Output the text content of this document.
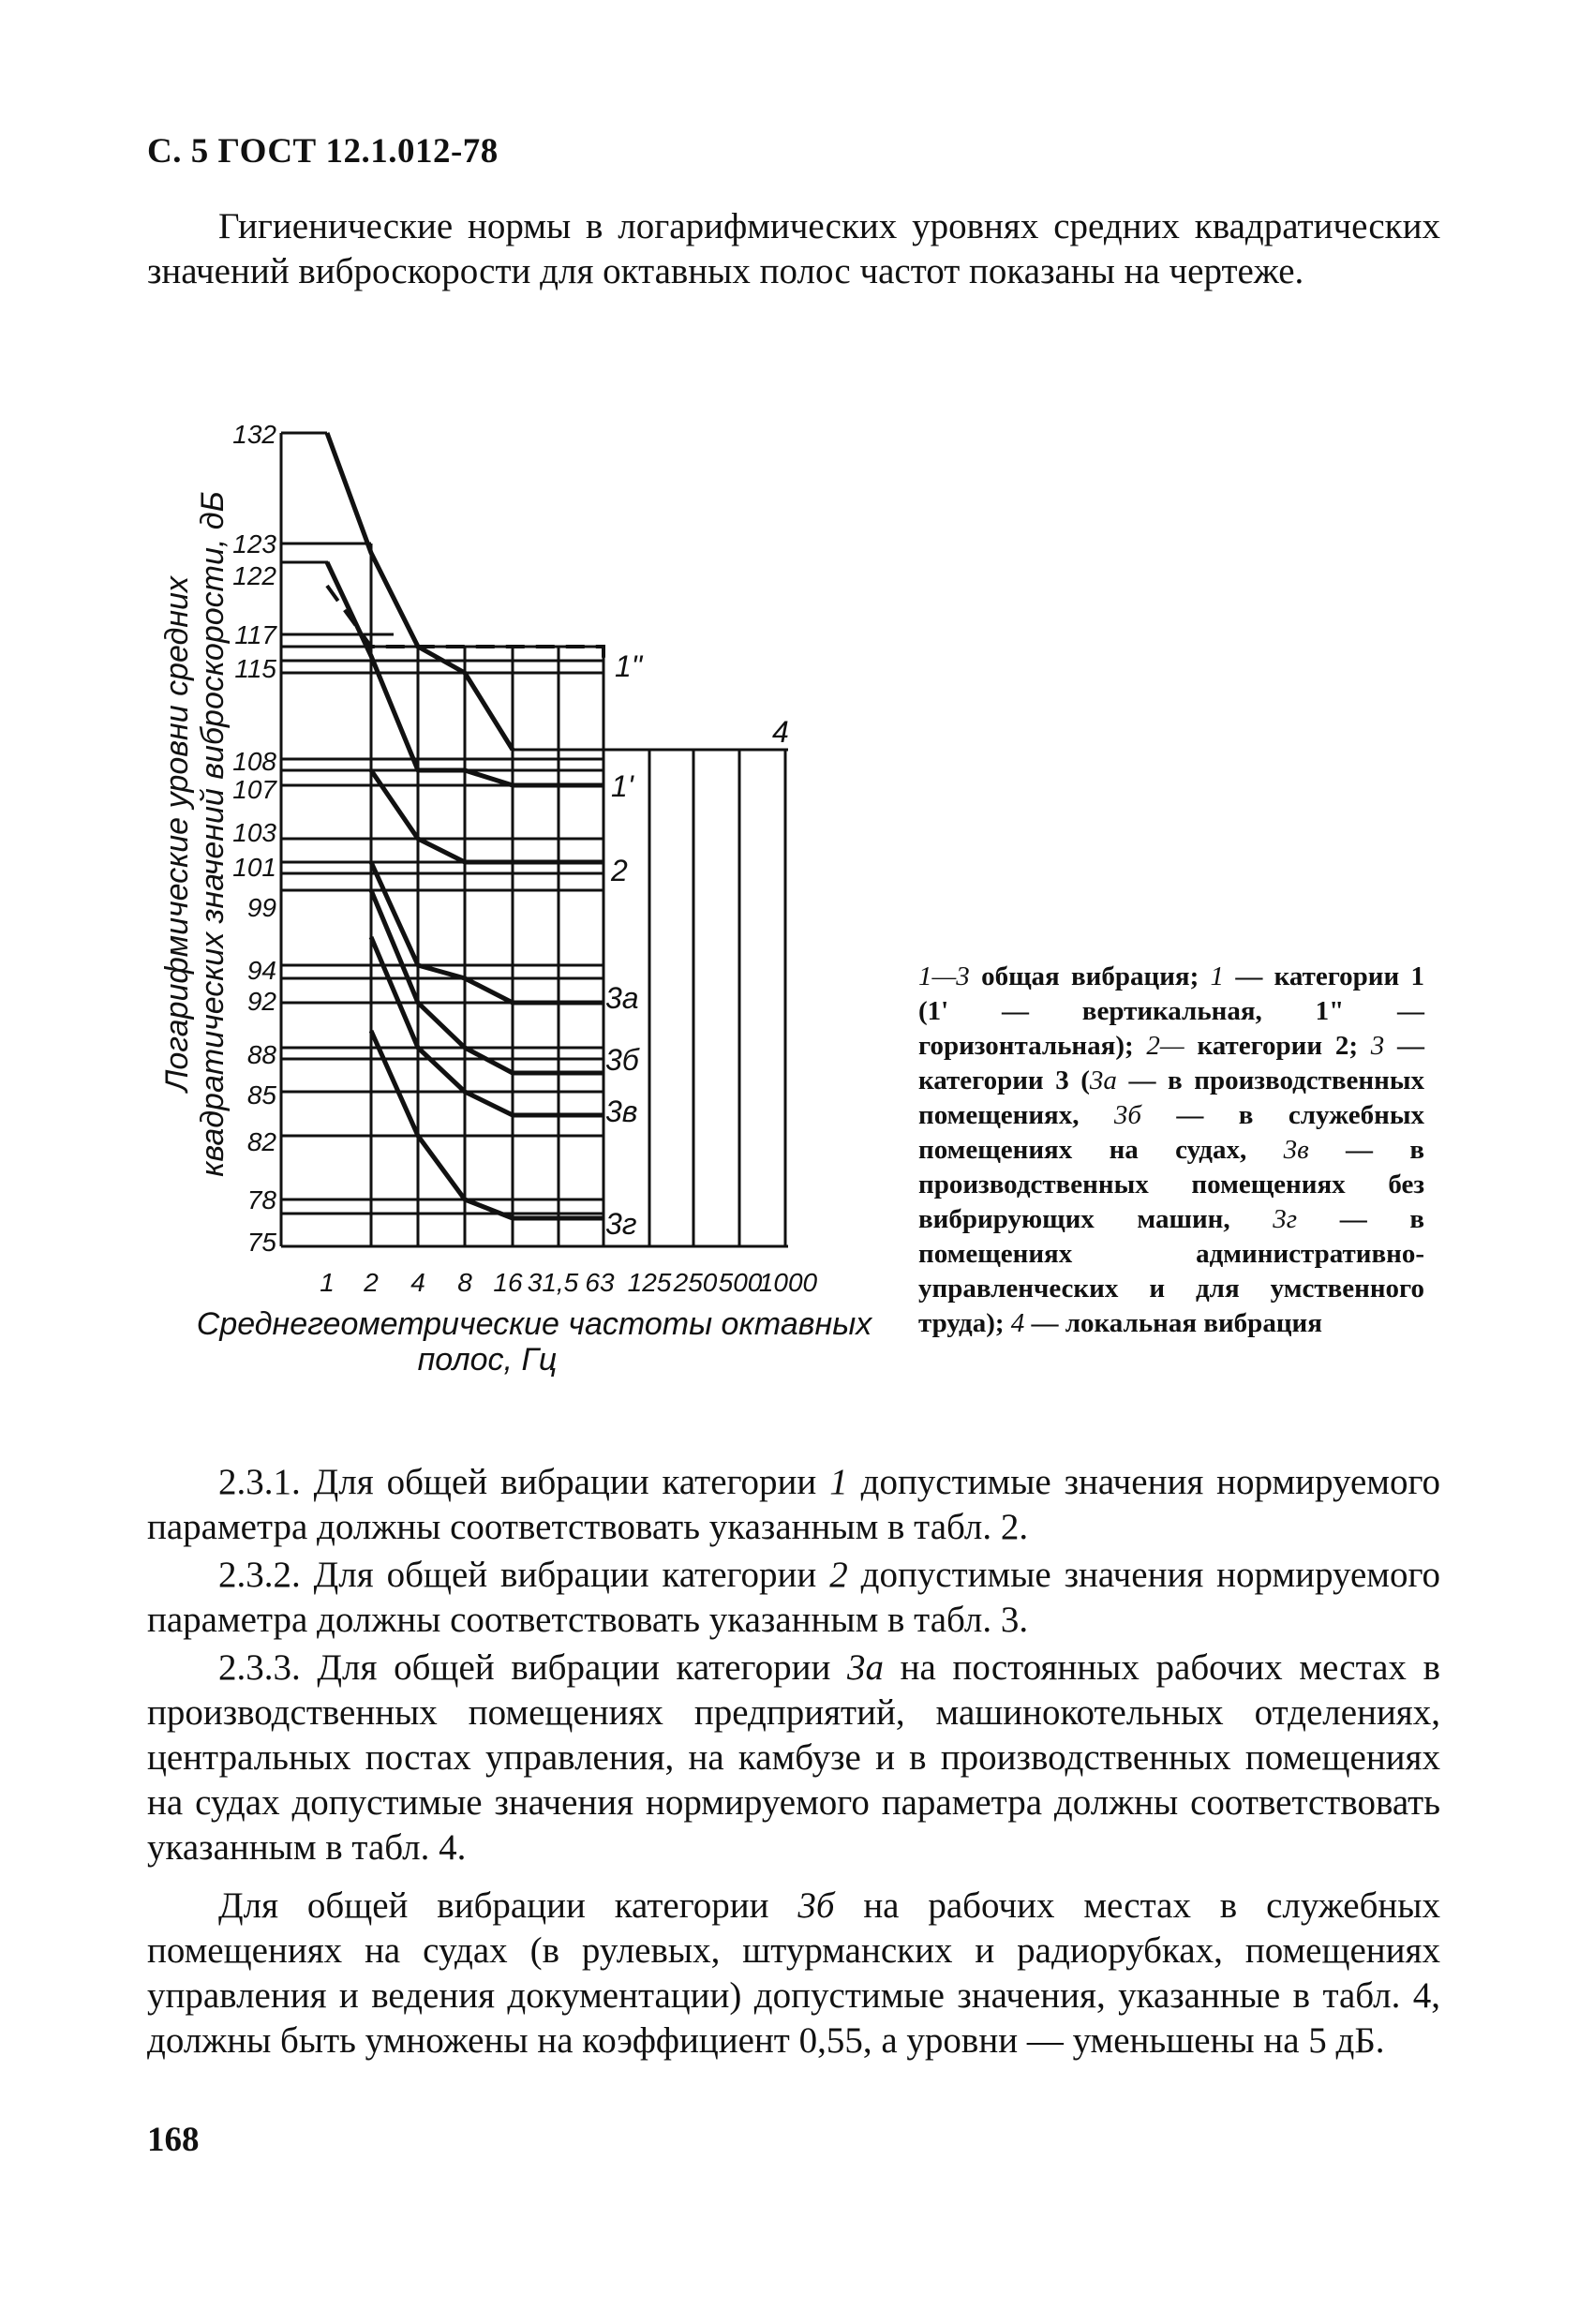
С. 5 ГОСТ 12.1.012-78
Гигиенические нормы в логарифмических уровнях средних квадратических значений виброскорости для октавных полос частот показаны на чертеже.
132
123
122
117
115
108
107
103
101
99
94
92
88
85
82
78
75
1 2 4 8 16 31,5 63 125 250 500
1000
1"
4
1'
2
3а
3б
3в
3г
Логарифмические уровни средних квадратических значений виброскорости, дБ
Среднегеометрические частоты октавных
полос, Гц
1—3 общая вибрация; 1 — категории 1 (1' — вертикальная, 1" — горизонтальная); 2— категории 2; 3 — категории 3 (3а — в производственных помещениях, 3б — в служебных помещениях на судах, 3в — в производственных помещениях без вибрирующих машин, 3г — в помещениях административно-управленческих и для умственного труда); 4 — локальная вибрация

2.3.1. Для общей вибрации категории 1 допустимые значения нормируемого параметра должны соответствовать указанным в табл. 2.

2.3.2. Для общей вибрации категории 2 допустимые значения нормируемого параметра должны соответствовать указанным в табл. 3.

2.3.3. Для общей вибрации категории 3а на постоянных рабочих местах в производственных помещениях предприятий, машинокотельных отделениях, центральных постах управления, на камбузе и в производственных помещениях на судах допустимые значения нормируемого параметра должны соответствовать указанным в табл. 4.

Для общей вибрации категории 3б на рабочих местах в служебных помещениях на судах (в рулевых, штурманских и радиорубках, помещениях управления и ведения документации) допустимые значения, указанные в табл. 4, должны быть умножены на коэффициент 0,55, а уровни — уменьшены на 5 дБ.

168
